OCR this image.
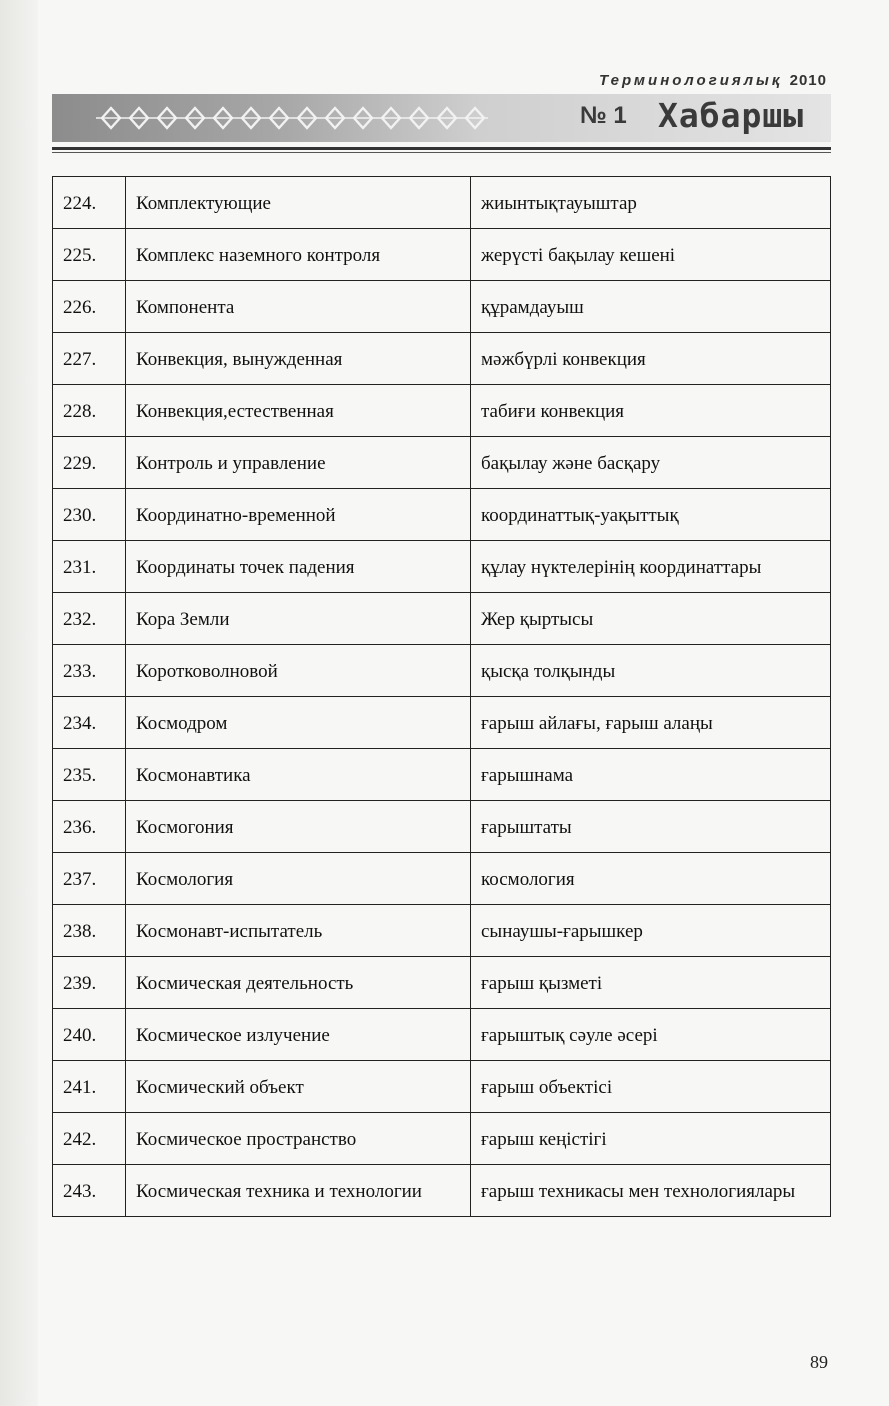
Терминологиялық 2010
№ 1 Хабаршы
224.	Комплектующие	жиынтықтауыштар
225.	Комплекс наземного контроля	жерүсті бақылау кешені
226.	Компонента	құрамдауыш
227.	Конвекция, вынужденная	мәжбүрлі конвекция
228.	Конвекция,естественная	табиғи конвекция
229.	Контроль и управление	бақылау және басқару
230.	Координатно-временной	координаттық-уақыттық
231.	Координаты точек падения	құлау нүктелерінің координаттары
232.	Кора Земли	Жер қыртысы
233.	Коротковолновой	қысқа толқынды
234.	Космодром	ғарыш айлағы, ғарыш алаңы
235.	Космонавтика	ғарышнама
236.	Космогония	ғарыштаты
237.	Космология	космология
238.	Космонавт-испытатель	сынаушы-ғарышкер
239.	Космическая деятельность	ғарыш қызметі
240.	Космическое излучение	ғарыштық сәуле әсері
241.	Космический объект	ғарыш объектісі
242.	Космическое пространство	ғарыш кеңістігі
243.	Космическая техника и технологии	ғарыш техникасы мен технологиялары
89
